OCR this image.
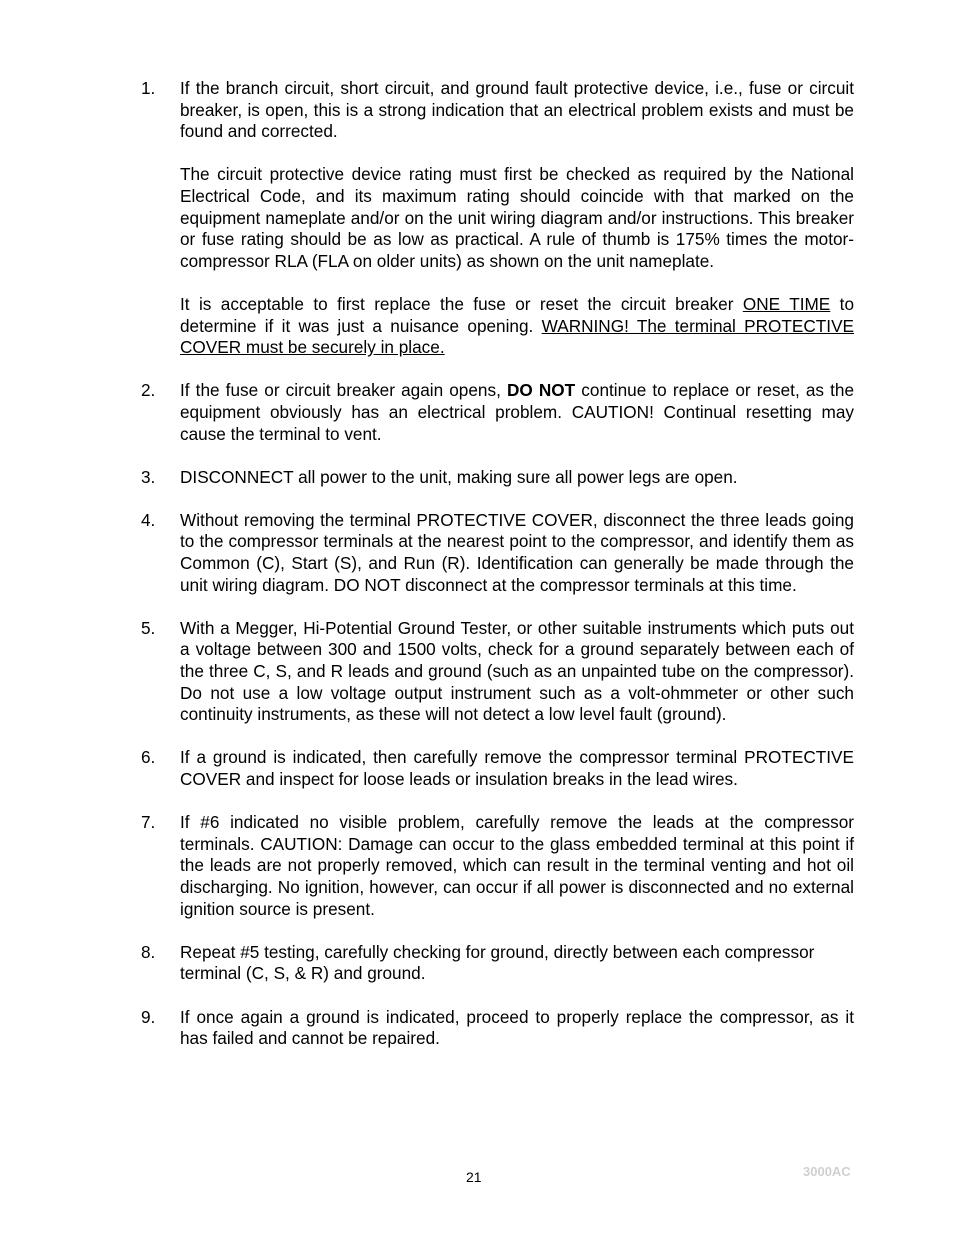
1. If the branch circuit, short circuit, and ground fault protective device, i.e., fuse or circuit breaker, is open, this is a strong indication that an electrical problem exists and must be found and corrected.

The circuit protective device rating must first be checked as required by the National Electrical Code, and its maximum rating should coincide with that marked on the equipment nameplate and/or on the unit wiring diagram and/or instructions. This breaker or fuse rating should be as low as practical. A rule of thumb is 175% times the motor-compressor RLA (FLA on older units) as shown on the unit nameplate.

It is acceptable to first replace the fuse or reset the circuit breaker ONE TIME to determine if it was just a nuisance opening. WARNING! The terminal PROTECTIVE COVER must be securely in place.

2. If the fuse or circuit breaker again opens, DO NOT continue to replace or reset, as the equipment obviously has an electrical problem. CAUTION! Continual resetting may cause the terminal to vent.

3. DISCONNECT all power to the unit, making sure all power legs are open.

4. Without removing the terminal PROTECTIVE COVER, disconnect the three leads going to the compressor terminals at the nearest point to the compressor, and identify them as Common (C), Start (S), and Run (R). Identification can generally be made through the unit wiring diagram. DO NOT disconnect at the compressor terminals at this time.

5. With a Megger, Hi-Potential Ground Tester, or other suitable instruments which puts out a voltage between 300 and 1500 volts, check for a ground separately between each of the three C, S, and R leads and ground (such as an unpainted tube on the compressor). Do not use a low voltage output instrument such as a volt-ohmmeter or other such continuity instruments, as these will not detect a low level fault (ground).

6. If a ground is indicated, then carefully remove the compressor terminal PROTECTIVE COVER and inspect for loose leads or insulation breaks in the lead wires.

7. If #6 indicated no visible problem, carefully remove the leads at the compressor terminals. CAUTION: Damage can occur to the glass embedded terminal at this point if the leads are not properly removed, which can result in the terminal venting and hot oil discharging. No ignition, however, can occur if all power is disconnected and no external ignition source is present.

8. Repeat #5 testing, carefully checking for ground, directly between each compressor terminal (C, S, & R) and ground.

9. If once again a ground is indicated, proceed to properly replace the compressor, as it has failed and cannot be repaired.

21	3000AC
